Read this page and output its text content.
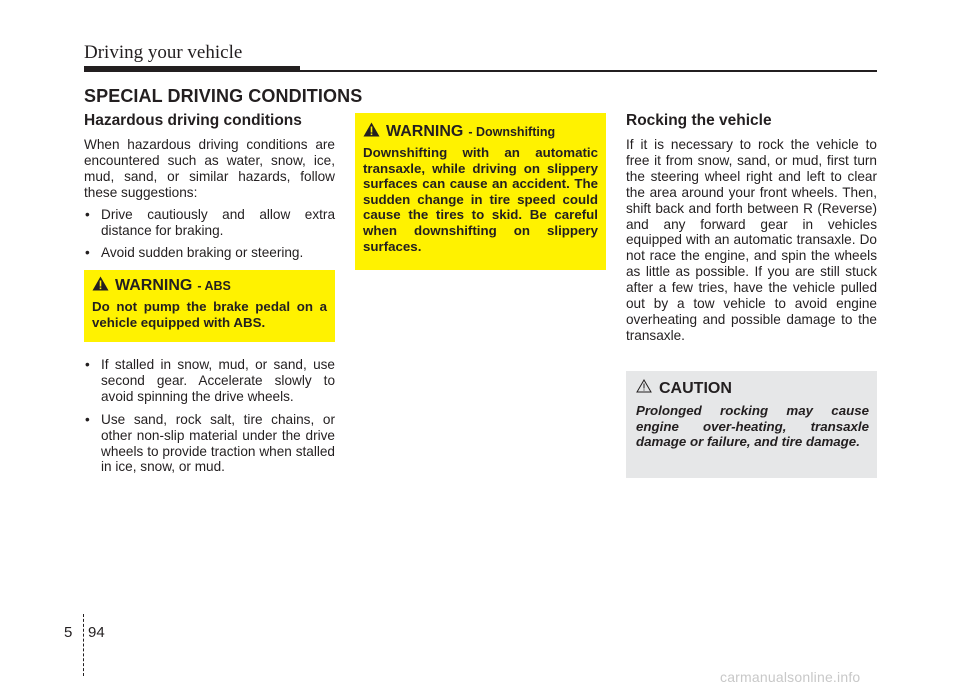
Driving your vehicle
SPECIAL DRIVING CONDITIONS
Hazardous driving conditions

When hazardous driving conditions are encountered such as water, snow, ice, mud, sand, or similar hazards, follow these suggestions:

• Drive cautiously and allow extra distance for braking.
• Avoid sudden braking or steering.
WARNING - ABS
Do not pump the brake pedal on a vehicle equipped with ABS.
• If stalled in snow, mud, or sand, use second gear. Accelerate slowly to avoid spinning the drive wheels.
• Use sand, rock salt, tire chains, or other non-slip material under the drive wheels to provide traction when stalled in ice, snow, or mud.
WARNING - Downshifting
Downshifting with an automatic transaxle, while driving on slippery surfaces can cause an accident. The sudden change in tire speed could cause the tires to skid. Be careful when downshifting on slippery surfaces.
Rocking the vehicle

If it is necessary to rock the vehicle to free it from snow, sand, or mud, first turn the steering wheel right and left to clear the area around your front wheels. Then, shift back and forth between R (Reverse) and any forward gear in vehicles equipped with an automatic transaxle. Do not race the engine, and spin the wheels as little as possible. If you are still stuck after a few tries, have the vehicle pulled out by a tow vehicle to avoid engine overheating and possible damage to the transaxle.

CAUTION
Prolonged rocking may cause engine over-heating, transaxle damage or failure, and tire damage.
5 94
carmanualsonline.info
